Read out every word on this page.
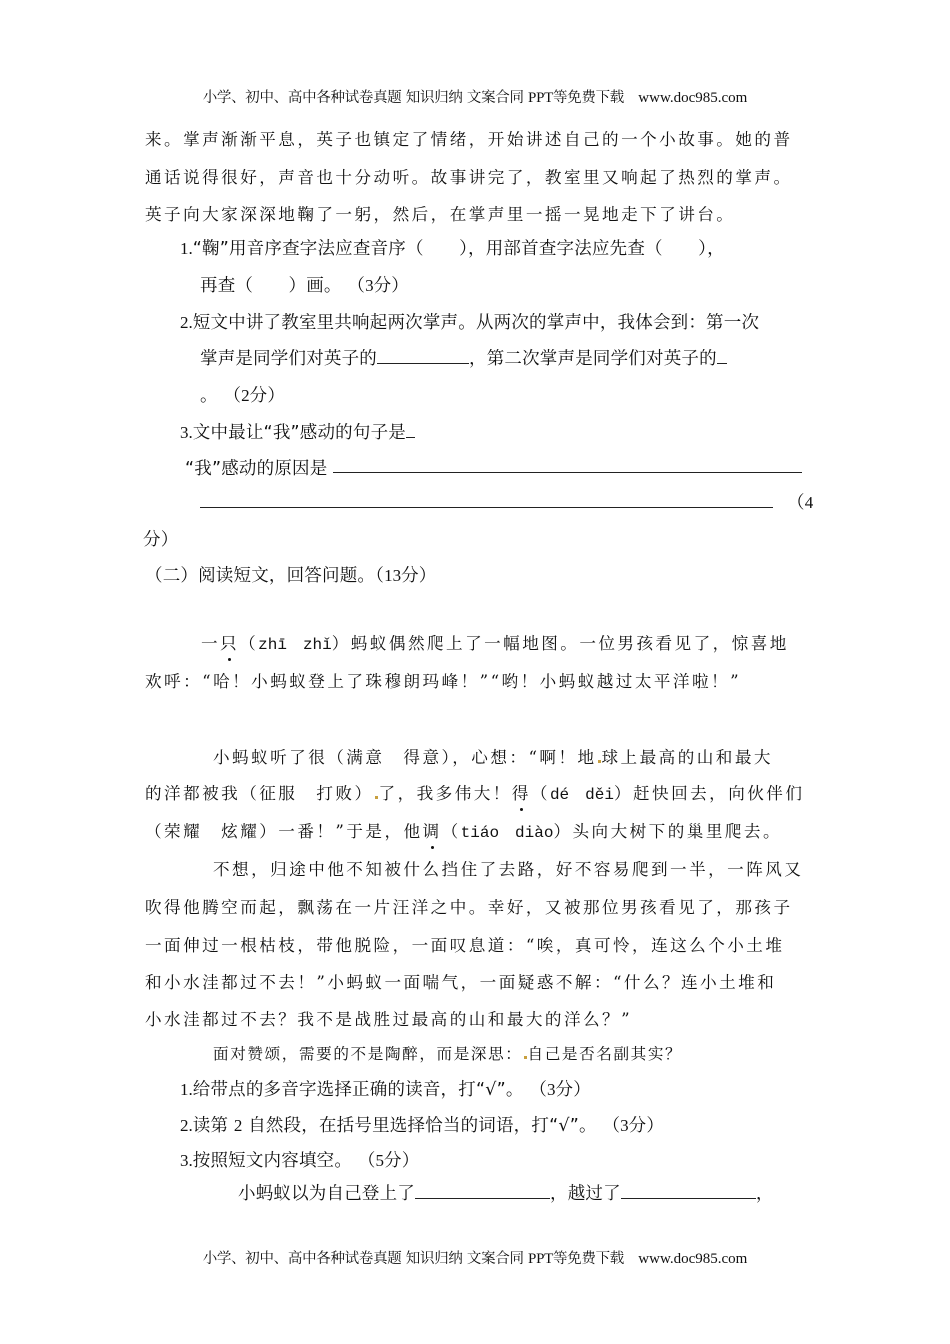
小学、初中、高中各种试卷真题 知识归纳 文案合同 PPT等免费下载 www.doc985.com
来。掌声渐渐平息，英子也镇定了情绪，开始讲述自己的一个小故事。她的普
通话说得很好，声音也十分动听。故事讲完了，教室里又响起了热烈的掌声。
英子向大家深深地鞠了一躬，然后，在掌声里一摇一晃地走下了讲台。
1.“鞠”用音序查字法应查音序（　　），用部首查字法应先查（　　），
再查（　　）画。 （3分）
2.短文中讲了教室里共响起两次掌声。从两次的掌声中，我体会到：第一次
掌声是同学们对英子的	，第二次掌声是同学们对英子的
。 （2分）
3.文中最让“我”感动的句子是
“我”感动的原因是
（4
分）
（二）阅读短文，回答问题。（13分）
一只（zhī　zhǐ）蚂蚁偶然爬上了一幅地图。一位男孩看见了，惊喜地
欢呼：“哈！小蚂蚁登上了珠穆朗玛峰！”“哟！小蚂蚁越过太平洋啦！”
小蚂蚁听了很（满意　得意），心想：“啊！地 球上最高的山和最大
的洋都被我（征服　打败） 了，我多伟大！得（dé　děi）赶快回去，向伙伴们
（荣耀　炫耀）一番！”于是，他调（tiáo　diào）头向大树下的巢里爬去。
不想，归途中他不知被什么挡住了去路，好不容易爬到一半，一阵风又
吹得他腾空而起，飘荡在一片汪洋之中。幸好，又被那位男孩看见了，那孩子
一面伸过一根枯枝，带他脱险，一面叹息道：“唉，真可怜，连这么个小土堆
和小水洼都过不去！”小蚂蚁一面喘气，一面疑惑不解：“什么？连小土堆和
小水洼都过不去？我不是战胜过最高的山和最大的洋么？”
面对赞颂，需要的不是陶醉，而是深思： 自己是否名副其实？
1.给带点的多音字选择正确的读音，打“√”。 （3分）
2.读第 2 自然段，在括号里选择恰当的词语，打“√”。 （3分）
3.按照短文内容填空。 （5分）
小蚂蚁以为自己登上了	，越过了	，
小学、初中、高中各种试卷真题 知识归纳 文案合同 PPT等免费下载 www.doc985.com
